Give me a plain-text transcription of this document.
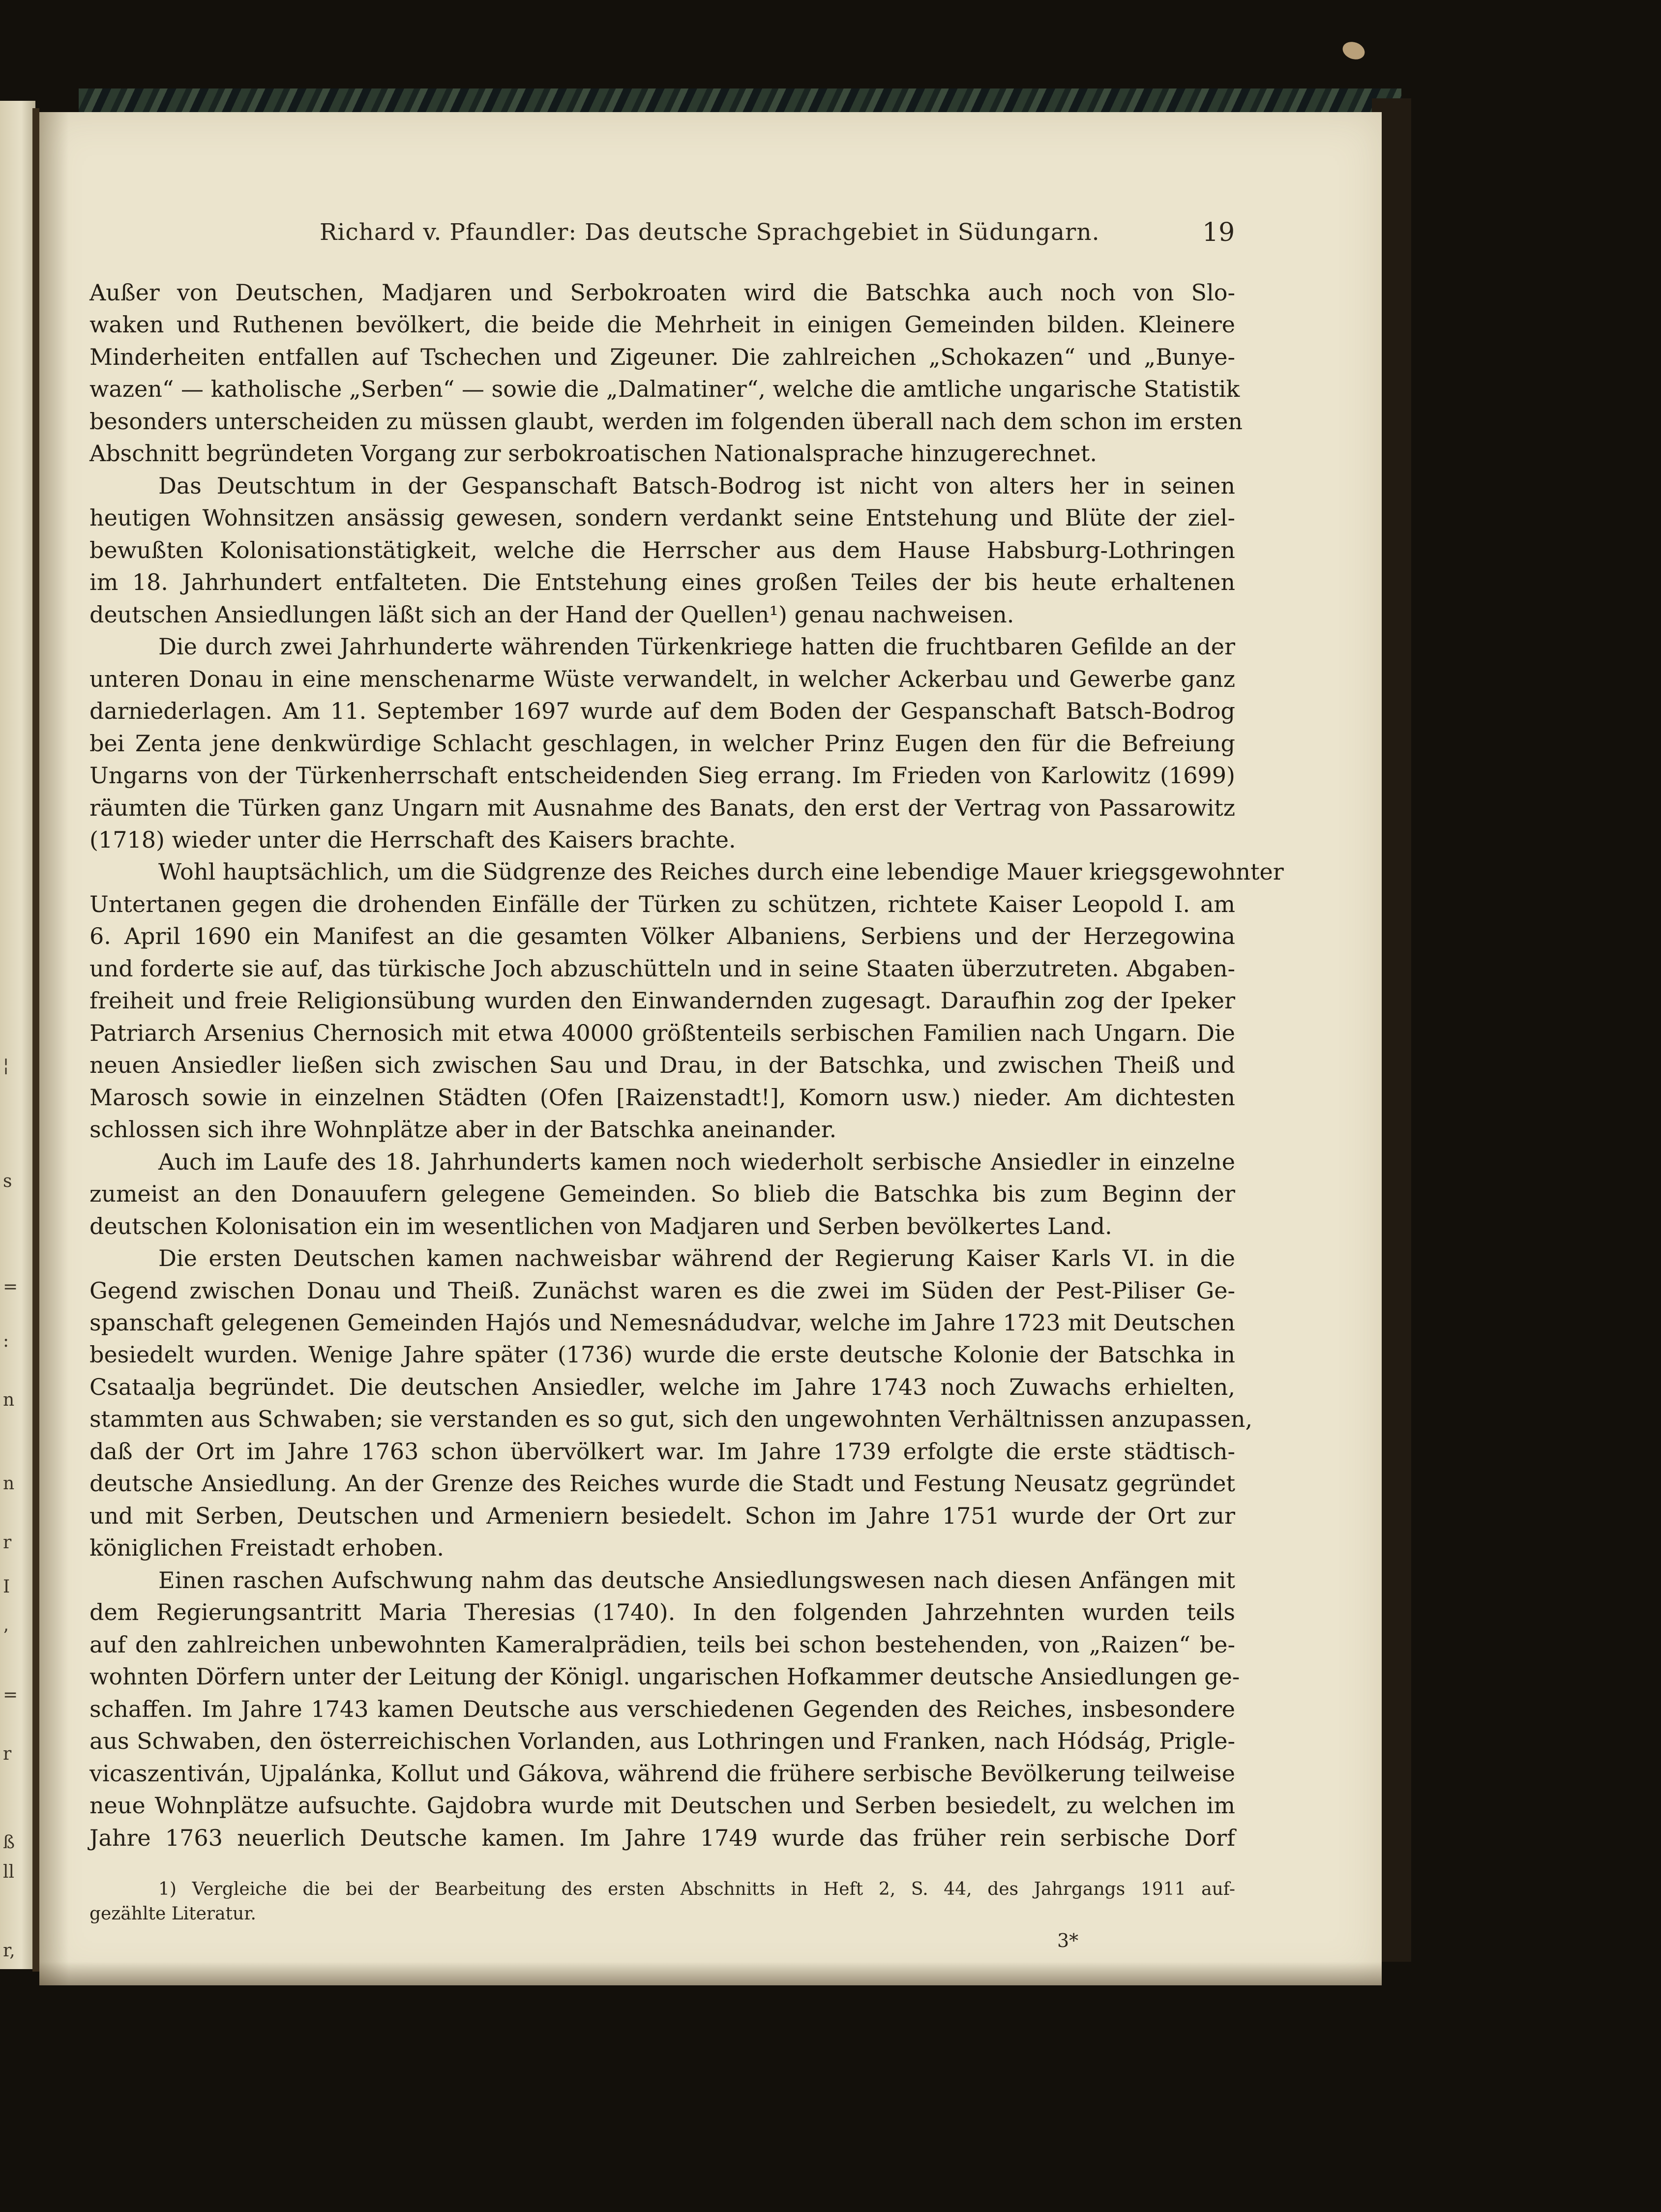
¦
s
=
:
n
n
r
I
’
=
r
ß
ll
r,
Richard v. Pfaundler: Das deutsche Sprachgebiet in Südungarn.	19
Außer von Deutschen, Madjaren und Serbokroaten wird die Batschka auch noch von Slo-
waken und Ruthenen bevölkert, die beide die Mehrheit in einigen Gemeinden bilden. Kleinere
Minderheiten entfallen auf Tschechen und Zigeuner. Die zahlreichen „Schokazen“ und „Bunye-
wazen“ — katholische „Serben“ — sowie die „Dalmatiner“, welche die amtliche ungarische Statistik
besonders unterscheiden zu müssen glaubt, werden im folgenden überall nach dem schon im ersten
Abschnitt begründeten Vorgang zur serbokroatischen Nationalsprache hinzugerechnet.
Das Deutschtum in der Gespanschaft Batsch-Bodrog ist nicht von alters her in seinen
heutigen Wohnsitzen ansässig gewesen, sondern verdankt seine Entstehung und Blüte der ziel-
bewußten Kolonisationstätigkeit, welche die Herrscher aus dem Hause Habsburg-Lothringen
im 18. Jahrhundert entfalteten. Die Entstehung eines großen Teiles der bis heute erhaltenen
deutschen Ansiedlungen läßt sich an der Hand der Quellen¹) genau nachweisen.
Die durch zwei Jahrhunderte währenden Türkenkriege hatten die fruchtbaren Gefilde an der
unteren Donau in eine menschenarme Wüste verwandelt, in welcher Ackerbau und Gewerbe ganz
darniederlagen. Am 11. September 1697 wurde auf dem Boden der Gespanschaft Batsch-Bodrog
bei Zenta jene denkwürdige Schlacht geschlagen, in welcher Prinz Eugen den für die Befreiung
Ungarns von der Türkenherrschaft entscheidenden Sieg errang. Im Frieden von Karlowitz (1699)
räumten die Türken ganz Ungarn mit Ausnahme des Banats, den erst der Vertrag von Passarowitz
(1718) wieder unter die Herrschaft des Kaisers brachte.
Wohl hauptsächlich, um die Südgrenze des Reiches durch eine lebendige Mauer kriegsgewohnter
Untertanen gegen die drohenden Einfälle der Türken zu schützen, richtete Kaiser Leopold I. am
6. April 1690 ein Manifest an die gesamten Völker Albaniens, Serbiens und der Herzegowina
und forderte sie auf, das türkische Joch abzuschütteln und in seine Staaten überzutreten. Abgaben-
freiheit und freie Religionsübung wurden den Einwandernden zugesagt. Daraufhin zog der Ipeker
Patriarch Arsenius Chernosich mit etwa 40000 größtenteils serbischen Familien nach Ungarn. Die
neuen Ansiedler ließen sich zwischen Sau und Drau, in der Batschka, und zwischen Theiß und
Marosch sowie in einzelnen Städten (Ofen [Raizenstadt!], Komorn usw.) nieder. Am dichtesten
schlossen sich ihre Wohnplätze aber in der Batschka aneinander.
Auch im Laufe des 18. Jahrhunderts kamen noch wiederholt serbische Ansiedler in einzelne
zumeist an den Donauufern gelegene Gemeinden. So blieb die Batschka bis zum Beginn der
deutschen Kolonisation ein im wesentlichen von Madjaren und Serben bevölkertes Land.
Die ersten Deutschen kamen nachweisbar während der Regierung Kaiser Karls VI. in die
Gegend zwischen Donau und Theiß. Zunächst waren es die zwei im Süden der Pest-Piliser Ge-
spanschaft gelegenen Gemeinden Hajós und Nemesnádudvar, welche im Jahre 1723 mit Deutschen
besiedelt wurden. Wenige Jahre später (1736) wurde die erste deutsche Kolonie der Batschka in
Csataalja begründet. Die deutschen Ansiedler, welche im Jahre 1743 noch Zuwachs erhielten,
stammten aus Schwaben; sie verstanden es so gut, sich den ungewohnten Verhältnissen anzupassen,
daß der Ort im Jahre 1763 schon übervölkert war. Im Jahre 1739 erfolgte die erste städtisch-
deutsche Ansiedlung. An der Grenze des Reiches wurde die Stadt und Festung Neusatz gegründet
und mit Serben, Deutschen und Armeniern besiedelt. Schon im Jahre 1751 wurde der Ort zur
königlichen Freistadt erhoben.
Einen raschen Aufschwung nahm das deutsche Ansiedlungswesen nach diesen Anfängen mit
dem Regierungsantritt Maria Theresias (1740). In den folgenden Jahrzehnten wurden teils
auf den zahlreichen unbewohnten Kameralprädien, teils bei schon bestehenden, von „Raizen“ be-
wohnten Dörfern unter der Leitung der Königl. ungarischen Hofkammer deutsche Ansiedlungen ge-
schaffen. Im Jahre 1743 kamen Deutsche aus verschiedenen Gegenden des Reiches, insbesondere
aus Schwaben, den österreichischen Vorlanden, aus Lothringen und Franken, nach Hódság, Prigle-
vicaszentiván, Ujpalánka, Kollut und Gákova, während die frühere serbische Bevölkerung teilweise
neue Wohnplätze aufsuchte. Gajdobra wurde mit Deutschen und Serben besiedelt, zu welchen im
Jahre 1763 neuerlich Deutsche kamen. Im Jahre 1749 wurde das früher rein serbische Dorf
1) Vergleiche die bei der Bearbeitung des ersten Abschnitts in Heft 2, S. 44, des Jahrgangs 1911 auf-
gezählte Literatur.
3*
